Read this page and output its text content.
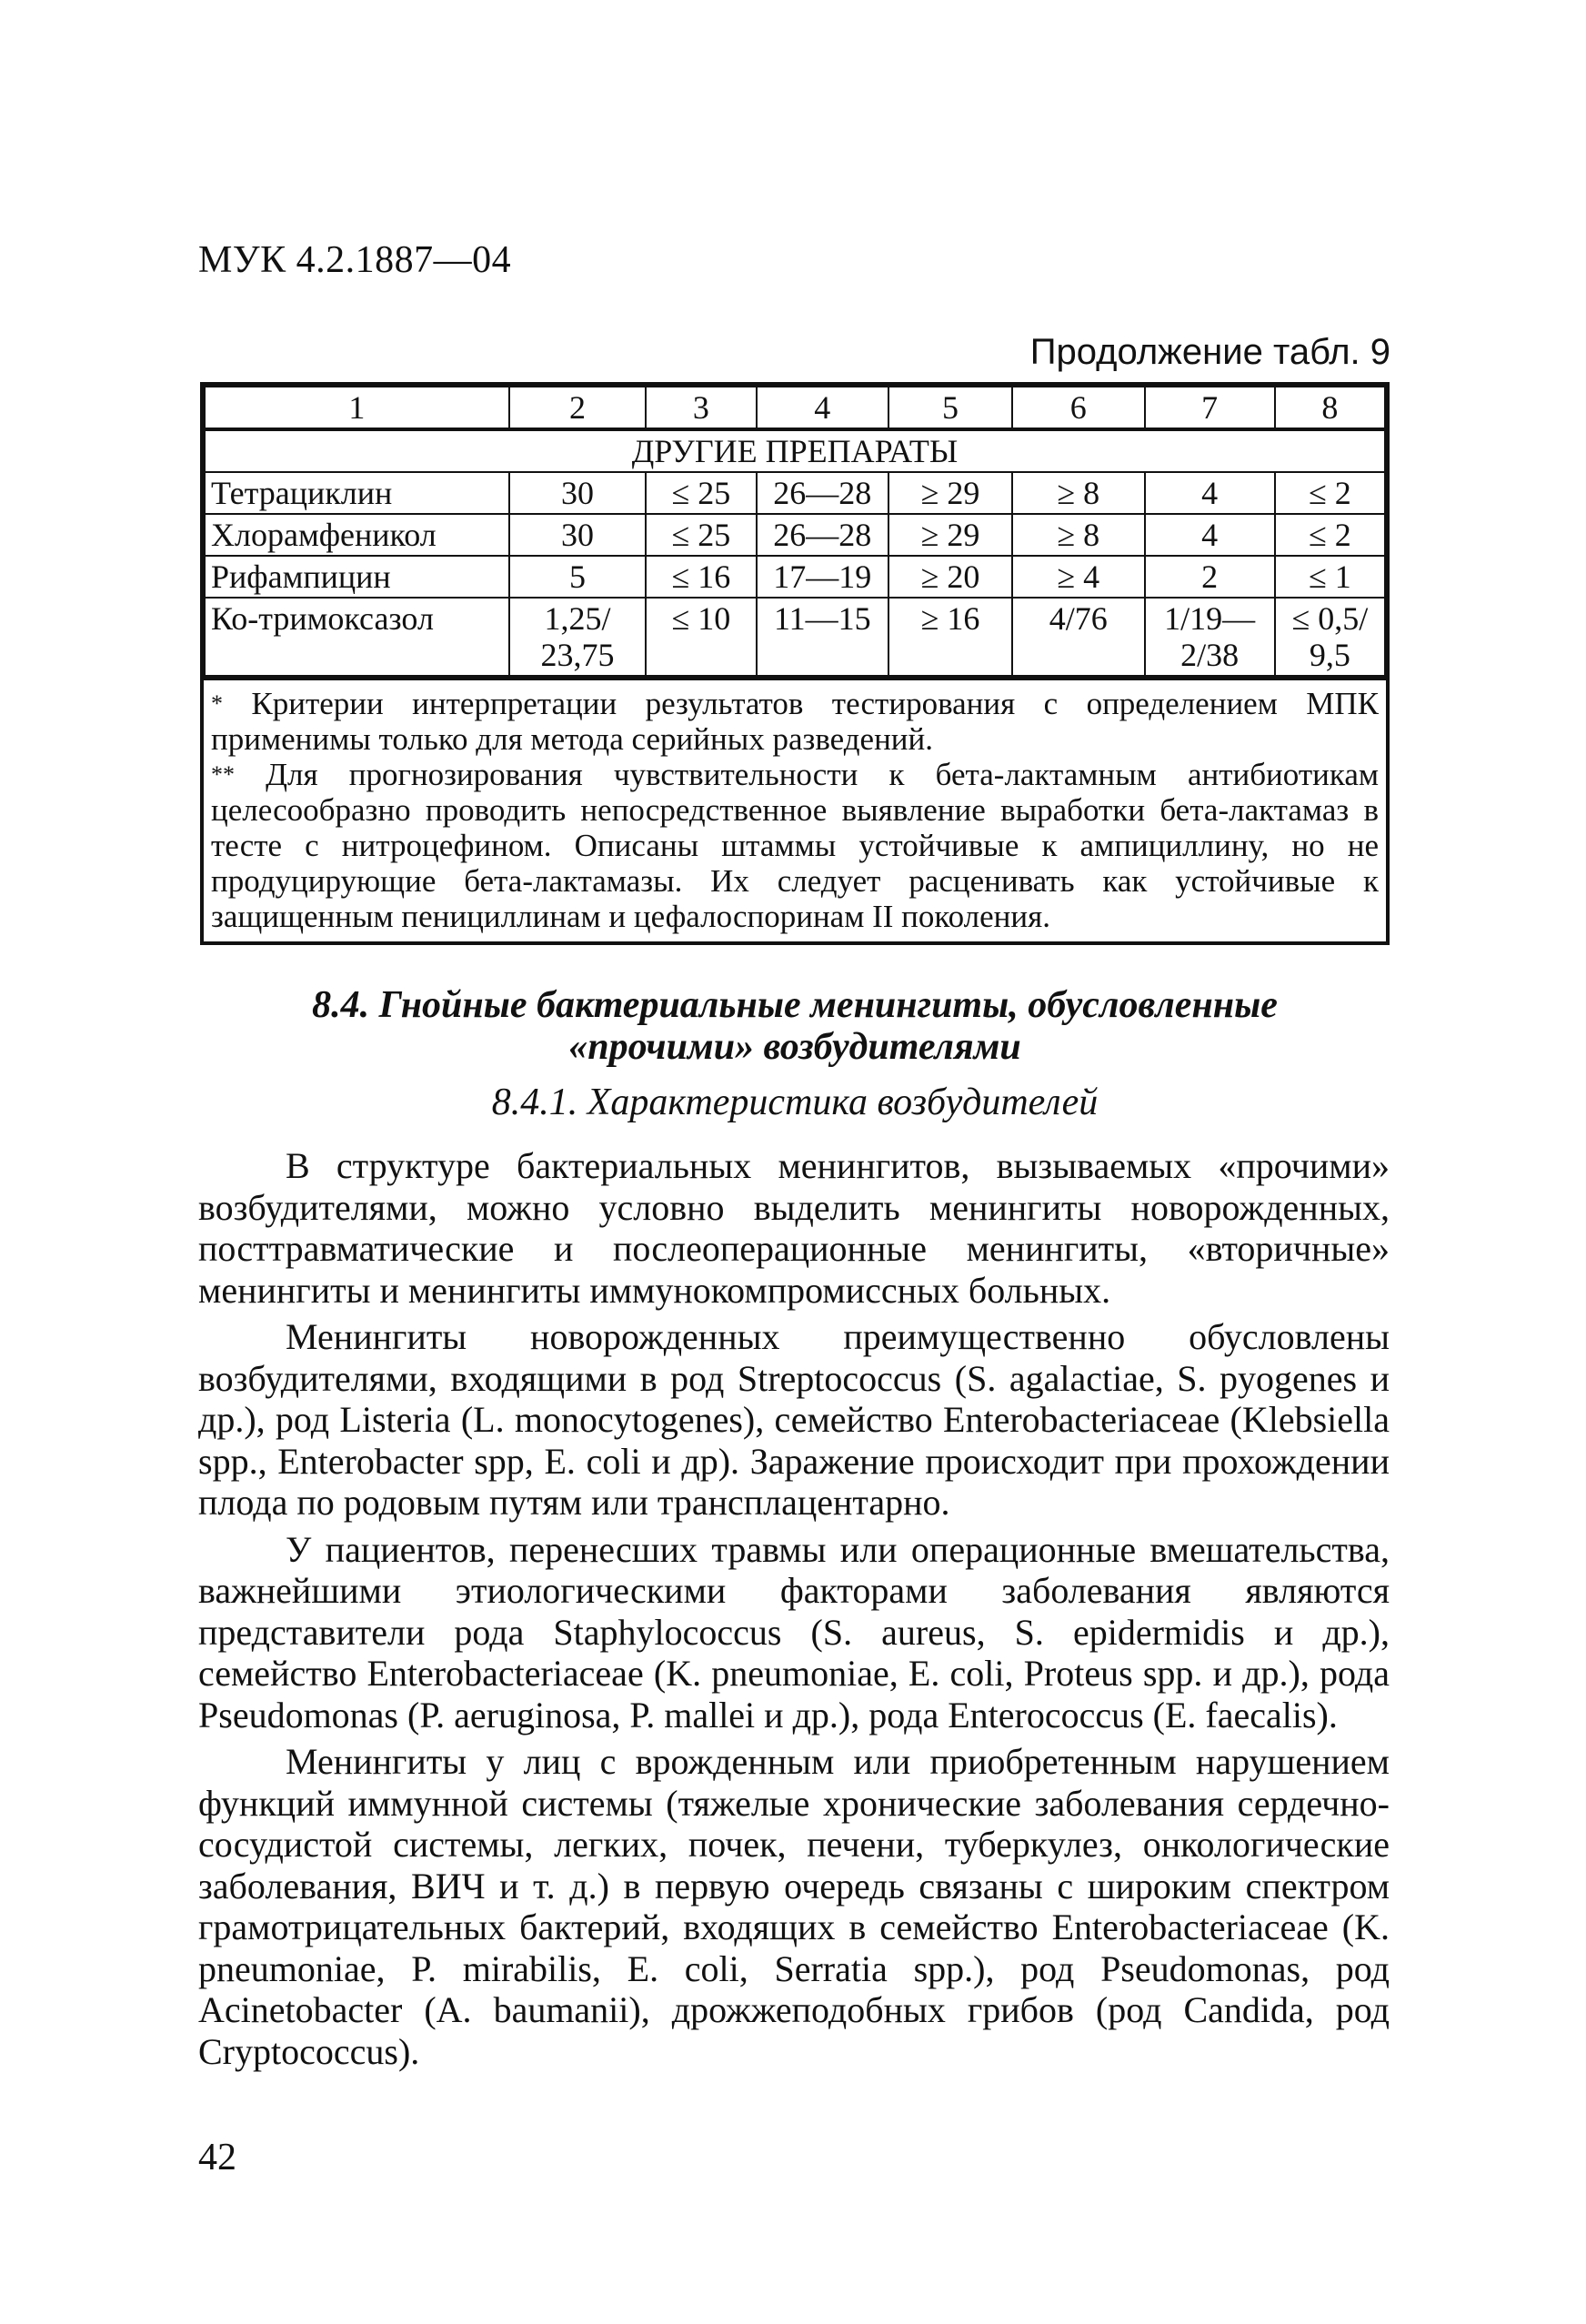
МУК 4.2.1887—04
Продолжение табл. 9
1	2	3	4	5	6	7	8
ДРУГИЕ ПРЕПАРАТЫ							
Тетрациклин	30	≤ 25	26—28	≥ 29	≥ 8	4	≤ 2
Хлорамфеникол	30	≤ 25	26—28	≥ 29	≥ 8	4	≤ 2
Рифампицин	5	≤ 16	17—19	≥ 20	≥ 4	2	≤ 1
Ко-тримоксазол	1,25/ 23,75	≤ 10	11—15	≥ 16	4/76	1/19— 2/38	≤ 0,5/ 9,5

* Критерии интерпретации результатов тестирования с определением МПК применимы только для метода серийных разведений.

** Для прогнозирования чувствительности к бета-лактамным антибиотикам целесообразно проводить непосредственное выявление выработки бета-лактамаз в тесте с нитроцефином. Описаны штаммы устойчивые к ампициллину, но не продуцирующие бета-лактамазы. Их следует расценивать как устойчивые к защищенным пенициллинам и цефалоспоринам II поколения.

8.4. Гнойные бактериальные менингиты, обусловленные
«прочими» возбудителями
8.4.1. Характеристика возбудителей

В структуре бактериальных менингитов, вызываемых «прочими» возбудителями, можно условно выделить менингиты новорожденных, посттравматические и послеоперационные менингиты, «вторичные» менингиты и менингиты иммунокомпромиссных больных.

Менингиты новорожденных преимущественно обусловлены возбудителями, входящими в род Streptococcus (S. agalactiae, S. pyogenes и др.), род Listeria (L. monocytogenes), семейство Enterobacteriaceae (Klebsiella spp., Enterobacter spp, E. coli и др). Заражение происходит при прохождении плода по родовым путям или трансплацентарно.

У пациентов, перенесших травмы или операционные вмешательства, важнейшими этиологическими факторами заболевания являются представители рода Staphylococcus (S. aureus, S. epidermidis и др.), семейство Enterobacteriaceae (K. pneumoniae, E. coli, Proteus spp. и др.), рода Pseudomonas (P. aeruginosa, P. mallei и др.), рода Enterococcus (E. faecalis).

Менингиты у лиц с врожденным или приобретенным нарушением функций иммунной системы (тяжелые хронические заболевания сердечно-сосудистой системы, легких, почек, печени, туберкулез, онкологические заболевания, ВИЧ и т. д.) в первую очередь связаны с широким спектром грамотрицательных бактерий, входящих в семейство Enterobacteriaceae (K. pneumoniae, P. mirabilis, E. coli, Serratia spp.), род Pseudomonas, род Acinetobacter (A. baumanii), дрожжеподобных грибов (род Candida, род Cryptococcus).

42
